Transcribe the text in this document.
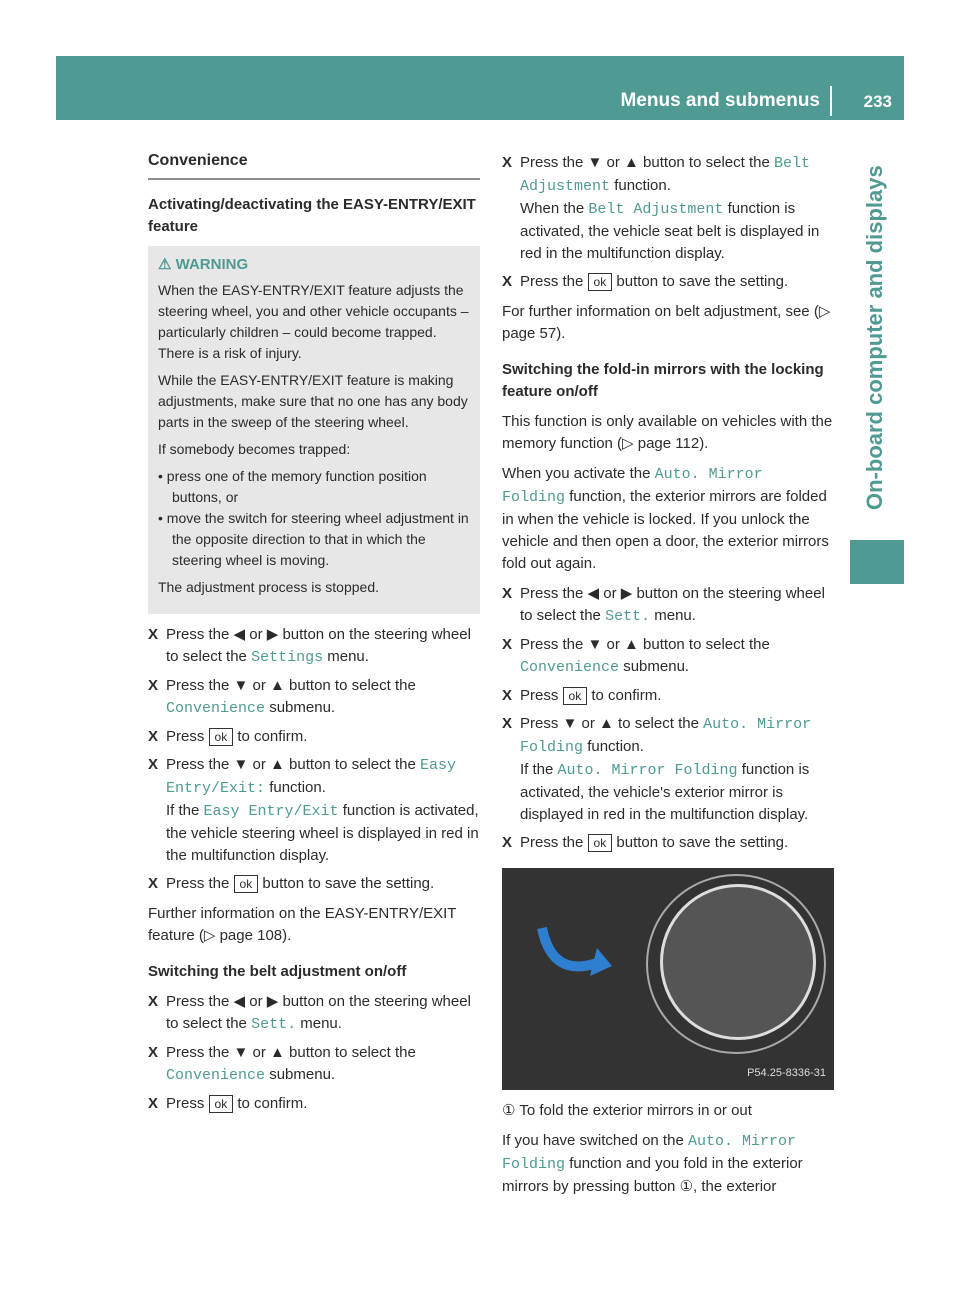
Menus and submenus	233
On-board computer and displays
Convenience
Activating/deactivating the EASY-ENTRY/EXIT feature
⚠ WARNING

When the EASY-ENTRY/EXIT feature adjusts the steering wheel, you and other vehicle occupants – particularly children – could become trapped. There is a risk of injury.

While the EASY-ENTRY/EXIT feature is making adjustments, make sure that no one has any body parts in the sweep of the steering wheel.

If somebody becomes trapped:

• press one of the memory function position buttons, or
• move the switch for steering wheel adjustment in the opposite direction to that in which the steering wheel is moving.

The adjustment process is stopped.

X Press the ◀ or ▶ button on the steering wheel to select the Settings menu.
X Press the ▼ or ▲ button to select the Convenience submenu.
X Press ok to confirm.
X Press the ▼ or ▲ button to select the Easy Entry/Exit: function.
If the Easy Entry/Exit function is activated, the vehicle steering wheel is displayed in red in the multifunction display.
X Press the ok button to save the setting.
Further information on the EASY-ENTRY/EXIT feature (▷ page 108).
Switching the belt adjustment on/off
X Press the ◀ or ▶ button on the steering wheel to select the Sett. menu.
X Press the ▼ or ▲ button to select the Convenience submenu.
X Press ok to confirm.
X Press the ▼ or ▲ button to select the Belt Adjustment function.
When the Belt Adjustment function is activated, the vehicle seat belt is displayed in red in the multifunction display.
X Press the ok button to save the setting.
For further information on belt adjustment, see (▷ page 57).
Switching the fold-in mirrors with the locking feature on/off
This function is only available on vehicles with the memory function (▷ page 112).
When you activate the Auto. Mirror Folding function, the exterior mirrors are folded in when the vehicle is locked. If you unlock the vehicle and then open a door, the exterior mirrors fold out again.
X Press the ◀ or ▶ button on the steering wheel to select the Sett. menu.
X Press the ▼ or ▲ button to select the Convenience submenu.
X Press ok to confirm.
X Press ▼ or ▲ to select the Auto. Mirror Folding function.
If the Auto. Mirror Folding function is activated, the vehicle's exterior mirror is displayed in red in the multifunction display.
X Press the ok button to save the setting.
P54.25-8336-31
① To fold the exterior mirrors in or out
If you have switched on the Auto. Mirror Folding function and you fold in the exterior mirrors by pressing button ①, the exterior
